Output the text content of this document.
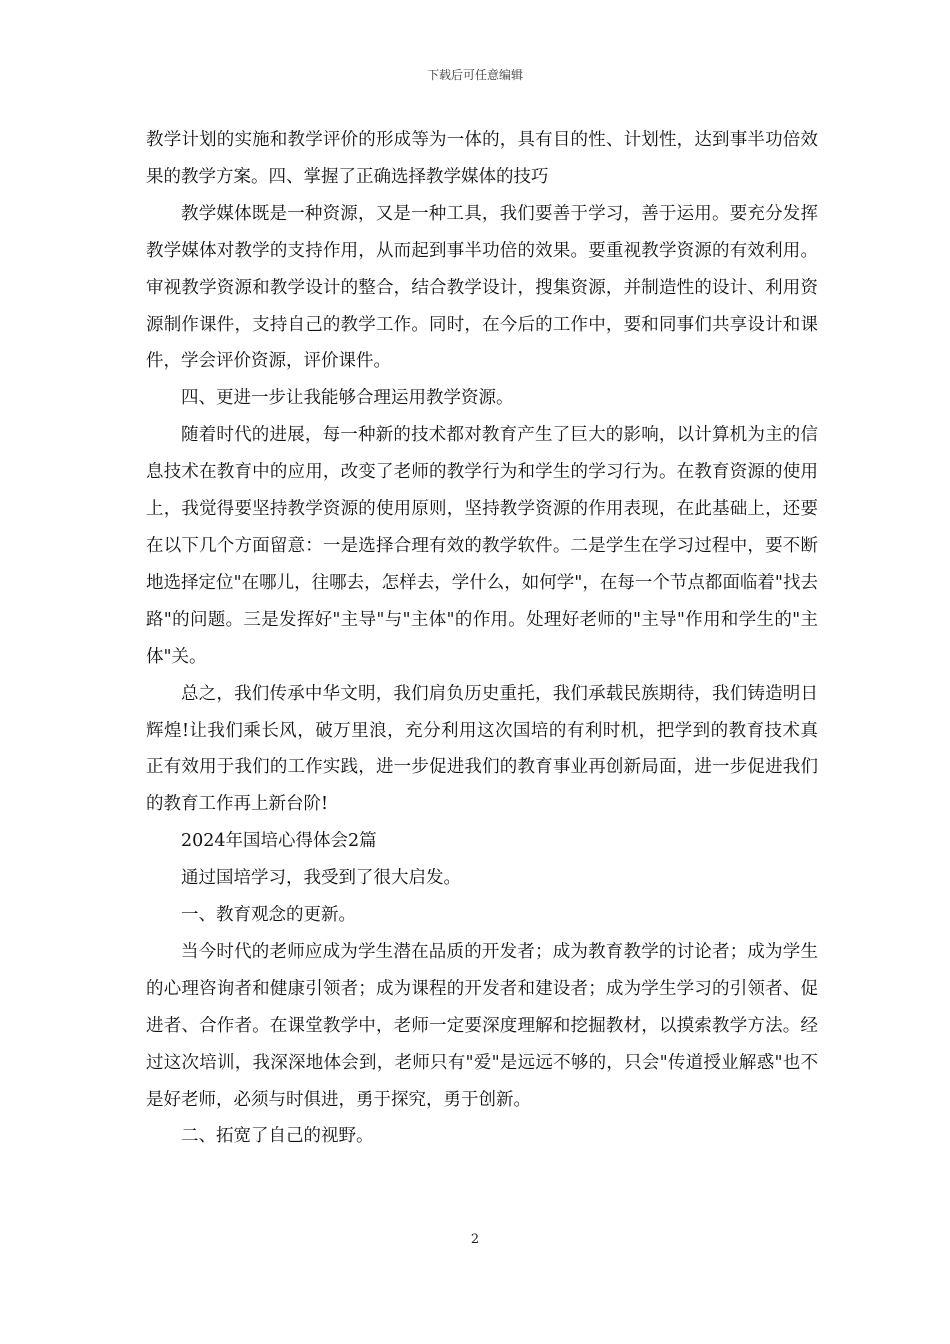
下载后可任意编辑

教学计划的实施和教学评价的形成等为一体的，具有目的性、计划性，达到事半功倍效果的教学方案。四、掌握了正确选择教学媒体的技巧

教学媒体既是一种资源，又是一种工具，我们要善于学习，善于运用。要充分发挥教学媒体对教学的支持作用，从而起到事半功倍的效果。要重视教学资源的有效利用。审视教学资源和教学设计的整合，结合教学设计，搜集资源，并制造性的设计、利用资源制作课件，支持自己的教学工作。同时，在今后的工作中，要和同事们共享设计和课件，学会评价资源，评价课件。

四、更进一步让我能够合理运用教学资源。

随着时代的进展，每一种新的技术都对教育产生了巨大的影响，以计算机为主的信息技术在教育中的应用，改变了老师的教学行为和学生的学习行为。在教育资源的使用上，我觉得要坚持教学资源的使用原则，坚持教学资源的作用表现，在此基础上，还要在以下几个方面留意：一是选择合理有效的教学软件。二是学生在学习过程中，要不断地选择定位"在哪儿，往哪去，怎样去，学什么，如何学"，在每一个节点都面临着"找去路"的问题。三是发挥好"主导"与"主体"的作用。处理好老师的"主导"作用和学生的"主体"关。

总之，我们传承中华文明，我们肩负历史重托，我们承载民族期待，我们铸造明日辉煌!让我们乘长风，破万里浪，充分利用这次国培的有利时机，把学到的教育技术真正有效用于我们的工作实践，进一步促进我们的教育事业再创新局面，进一步促进我们的教育工作再上新台阶!

2024年国培心得体会2篇

通过国培学习，我受到了很大启发。

一、教育观念的更新。

当今时代的老师应成为学生潜在品质的开发者；成为教育教学的讨论者；成为学生的心理咨询者和健康引领者；成为课程的开发者和建设者；成为学生学习的引领者、促进者、合作者。在课堂教学中，老师一定要深度理解和挖掘教材，以摸索教学方法。经过这次培训，我深深地体会到，老师只有"爱"是远远不够的，只会"传道授业解惑"也不是好老师，必须与时俱进，勇于探究，勇于创新。

二、拓宽了自己的视野。

2
